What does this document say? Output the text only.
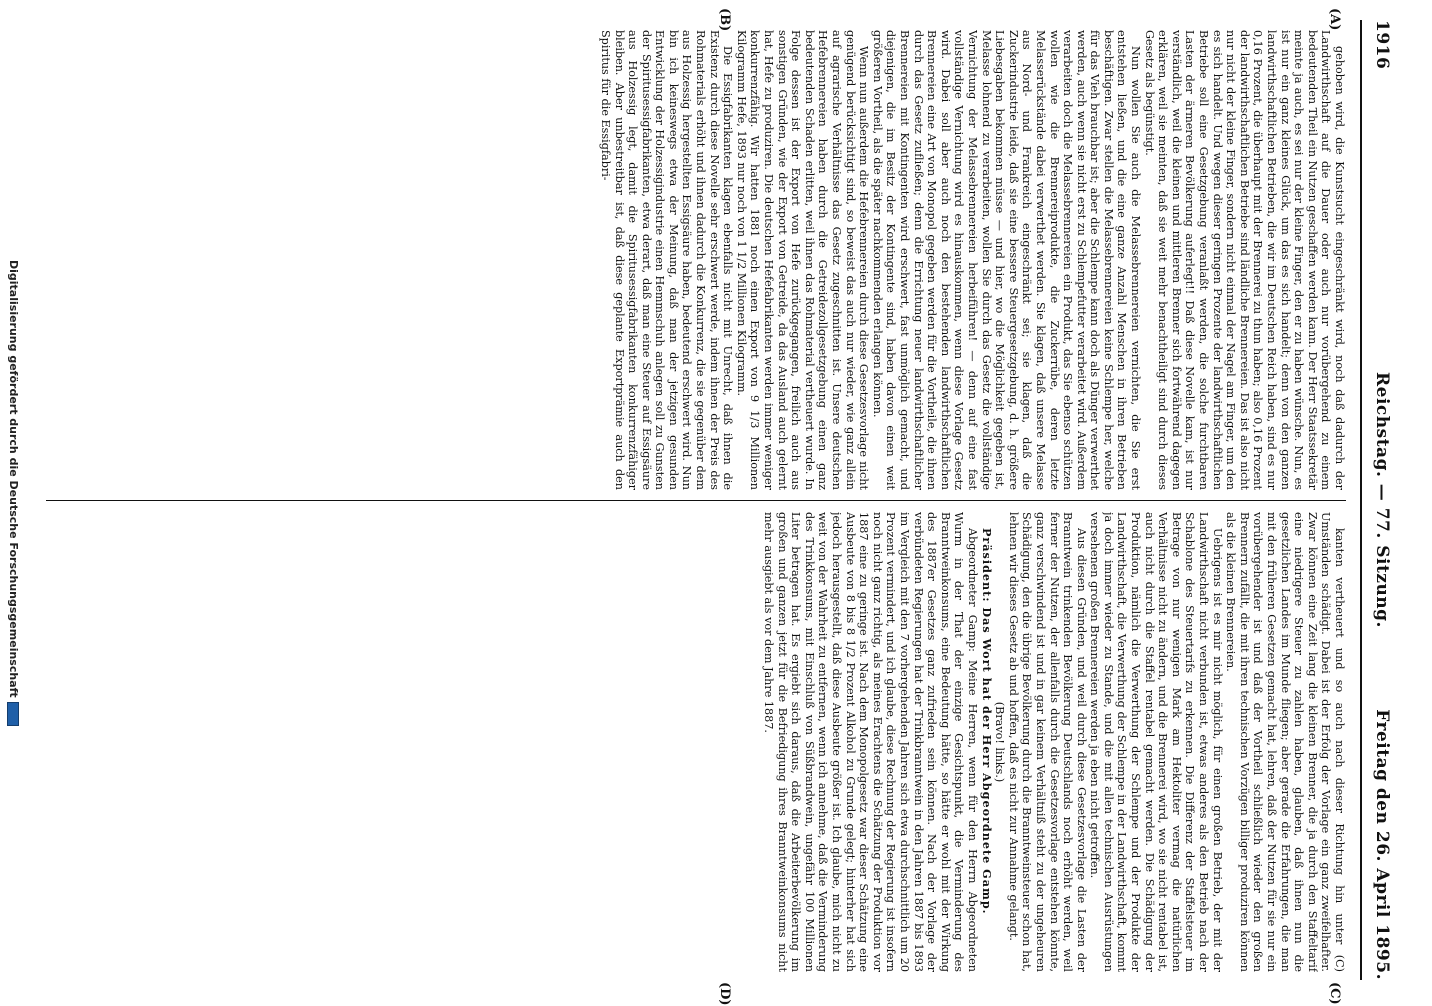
1916
Reichstag. — 77. Sitzung.
Freitag den 26. April 1895.
(A)
(B)
(C)
(D)

gehoben wird, die Kunstsucht eingeschränkt wird, noch daß dadurch der Landwirthschaft auf die Dauer oder auch nur vorübergehend zu einem bedeutenden Theil ein Nutzen geschaffen werden kann. Der Herr Staatssekretär meinte ja auch, es sei nur der kleine Finger, den er zu haben wünsche. Nun, es ist nur ein ganz kleines Glück, um das es sich handelt; denn von den ganzen landwirthschaftlichen Betrieben, die wir im Deutschen Reich haben, sind es nur 0,16 Prozent, die überhaupt mit der Brennerei zu thun haben; also 0,16 Prozent der landwirthschaftlichen Betriebe sind ländliche Brennereien. Das ist also nicht nur nicht der kleine Finger, sondern nicht einmal der Nagel am Finger, um den es sich handelt. Und wegen dieser geringen Prozente der landwirthschaftlichen Betriebe soll eine Gesetzgebung veranlaßt werden, die solche furchtbaren Lasten der ärmeren Bevölkerung auferlegt!! Daß diese Novelle kam, ist nur verständlich, weil die kleinen und mittleren Brenner sich fortwährend dagegen erklären, weil sie meinten, daß sie weit mehr benachtheiligt sind durch dieses Gesetz als begünstigt.

Nun wollen Sie auch die Melassebrennereien vernichten, die Sie erst entstehen ließen, und die eine ganze Anzahl Menschen in ihren Betrieben beschäftigen. Zwar stellen die Melassebrennereien keine Schlempe her, welche für das Vieh brauchbar ist; aber die Schlempe kann doch als Dünger verwerthet werden, auch wenn sie nicht erst zu Schlempefutter verarbeitet wird. Außerdem verarbeiten doch die Melassebrennereien ein Produkt, das Sie ebenso schützen wollen wie die Brennereiprodukte, die Zuckerrübe, deren letzte Melasserückstände dabei verwerthet werden. Sie klagen, daß unsere Melasse aus Nord- und Frankreich eingeschränkt sei; sie klagen, daß die Zuckerindustrie leide, daß sie eine bessere Steuergesetzgebung, d. h. größere Liebesgaben bekommen müsse — und hier, wo die Möglichkeit gegeben ist, Melasse lohnend zu verarbeiten, wollen Sie durch das Gesetz die vollständige Vernichtung der Melassebrennereien herbeiführen! — denn auf eine fast vollständige Vernichtung wird es hinauskommen, wenn diese Vorlage Gesetz wird. Dabei soll aber auch noch den bestehenden landwirthschaftlichen Brennereien eine Art von Monopol gegeben werden für die Vortheile, die ihnen durch das Gesetz zufließen; denn die Errichtung neuer landwirthschaftlicher Brennereien mit Kontingenten wird erschwert, fast unmöglich gemacht, und diejenigen, die im Besitz der Kontingente sind, haben davon einen weit größeren Vortheil, als die später nachkommenden erlangen können.

Wenn nun außerdem die Hefebrennereien durch diese Gesetzesvorlage nicht genügend berücksichtigt sind, so beweist das auch nur wieder, wie ganz allein auf agrarische Verhältnisse das Gesetz zugeschnitten ist. Unsere deutschen Hefebrennereien haben durch die Getreidezollgesetzgebung einen ganz bedeutenden Schaden erlitten, weil ihnen das Rohmaterial vertheuert wurde. In Folge dessen ist der Export von Hefe zurückgegangen, freilich auch aus sonstigen Gründen, wie der Export von Getreide, da das Ausland auch gelernt hat, Hefe zu produziren. Die deutschen Hefefabrikanten werden immer weniger konkurrenzfähig. Wir hatten 1881 noch einen Export von 9 1/3 Millionen Kilogramm Hefe, 1893 nur noch von 1 1/2 Millionen Kilogramm.

Die Essigfabrikanten klagen ebenfalls nicht mit Unrecht, daß ihnen die Existenz durch diese Novelle sehr erschwert werde, indem ihnen der Preis des Rohmaterials erhöht und ihnen dadurch die Konkurrenz, die sie gegenüber dem aus Holzessig hergestellten Essigsäure haben, bedeutend erschwert wird. Nun bin ich keineswegs etwa der Meinung, daß man der jetzigen gesunden Entwicklung der Holzessigindustrie einen Hemmschuh anlegen soll zu Gunsten der Spiritusessigfabrikanten, etwa derart, daß man eine Steuer auf Essigsäure aus Holzessig legt, damit die Spiritusessigfabrikanten konkurrenzfähiger bleiben. Aber unbestreitbar ist, daß diese geplante Exportprämie auch den Spiritus für die Essigfabri-

kanten vertheuert und so auch nach dieser Richtung hin unter (C) Umständen schädigt. Dabei ist der Erfolg der Vorlage ein ganz zweifelhafter. Zwar können eine Zeit lang die kleinen Brenner, die ja durch den Staffeltarif eine niedrigere Steuer zu zahlen haben, glauben, daß ihnen nun die gesetzlichen Landes im Munde fliegen; aber gerade die Erfahrungen, die man mit den früheren Gesetzen gemacht hat, lehren, daß der Nutzen für sie nur ein vorübergehender ist und daß der Vortheil schließlich wieder den großen Brennern zufällt, die mit ihren technischen Vorzügen billiger produziren können als die kleinen Brennereien.

Uebrigens ist es mir nicht möglich, für einen großen Betrieb, der mit der Landwirthschaft nicht verbunden ist, etwas anderes als den Betrieb nach der Schablone des Steuertarifs zu erkennen. Die Differenz der Staffelsteuer im Betrage von nur wenigen Mark am Hektoliter vermag die natürlichen Verhältnisse nicht zu ändern, und die Brennerei wird, wo sie nicht rentabel ist, auch nicht durch die Staffel rentabel gemacht werden. Die Schädigung der Produktion, nämlich die Verwerthung der Schlempe und der Produkte der Landwirthschaft, die Verwerthung der Schlempe in der Landwirthschaft, kommt ja doch immer wieder zu Stande, und die mit allen technischen Ausrüstungen versehenen großen Brennereien werden ja eben nicht getroffen.

Aus diesen Gründen, und weil durch diese Gesetzesvorlage die Lasten der Branntwein trinkenden Bevölkerung Deutschlands noch erhöht werden, weil ferner der Nutzen, der allenfalls durch die Gesetzesvorlage entstehen könnte, ganz verschwindend ist und in gar keinem Verhältniß steht zu der ungeheuren Schädigung, den die übrige Bevölkerung durch die Branntweinsteuer schon hat, lehnen wir dieses Gesetz ab und hoffen, daß es nicht zur Annahme gelangt.

(Bravo! links.)

Präsident: Das Wort hat der Herr Abgeordnete Gamp.

Abgeordneter Gamp: Meine Herren, wenn für den Herrn Abgeordneten Wurm in der That der einzige Gesichtspunkt, die Verminderung des Branntweinkonsums, eine Bedeutung hätte, so hätte er wohl mit der Wirkung des 1887er Gesetzes ganz zufrieden sein können. Nach der Vorlage der verbündeten Regierungen hat der Trinkbranntwein in den Jahren 1887 bis 1893 im Vergleich mit den 7 vorhergehenden Jahren sich etwa durchschnittlich um 20 Prozent vermindert, und ich glaube, diese Rechnung der Regierung ist insofern noch nicht ganz richtig, als meines Erachtens die Schätzung der Produktion vor 1887 eine zu geringe ist. Nach dem Monopolgesetz war dieser Schätzung eine Ausbeute von 8 bis 8 1/2 Prozent Alkohol zu Grunde gelegt; hinterher hat sich jedoch herausgestellt, daß diese Ausbeute größer ist. Ich glaube, mich nicht zu weit von der Wahrheit zu entfernen, wenn ich annehme, daß die Verminderung des Trinkkonsums, mit Einschluß von Süßbrandwein, ungefähr 100 Millionen Liter betragen hat. Es ergiebt sich daraus, daß die Arbeiterbevölkerung im großen und ganzen jetzt für die Befriedigung ihres Branntweinkonsums nicht mehr ausgiebt als vor dem Jahre 1887.

Digitalisierung gefördert durch die Deutsche Forschungsgemeinschaft
